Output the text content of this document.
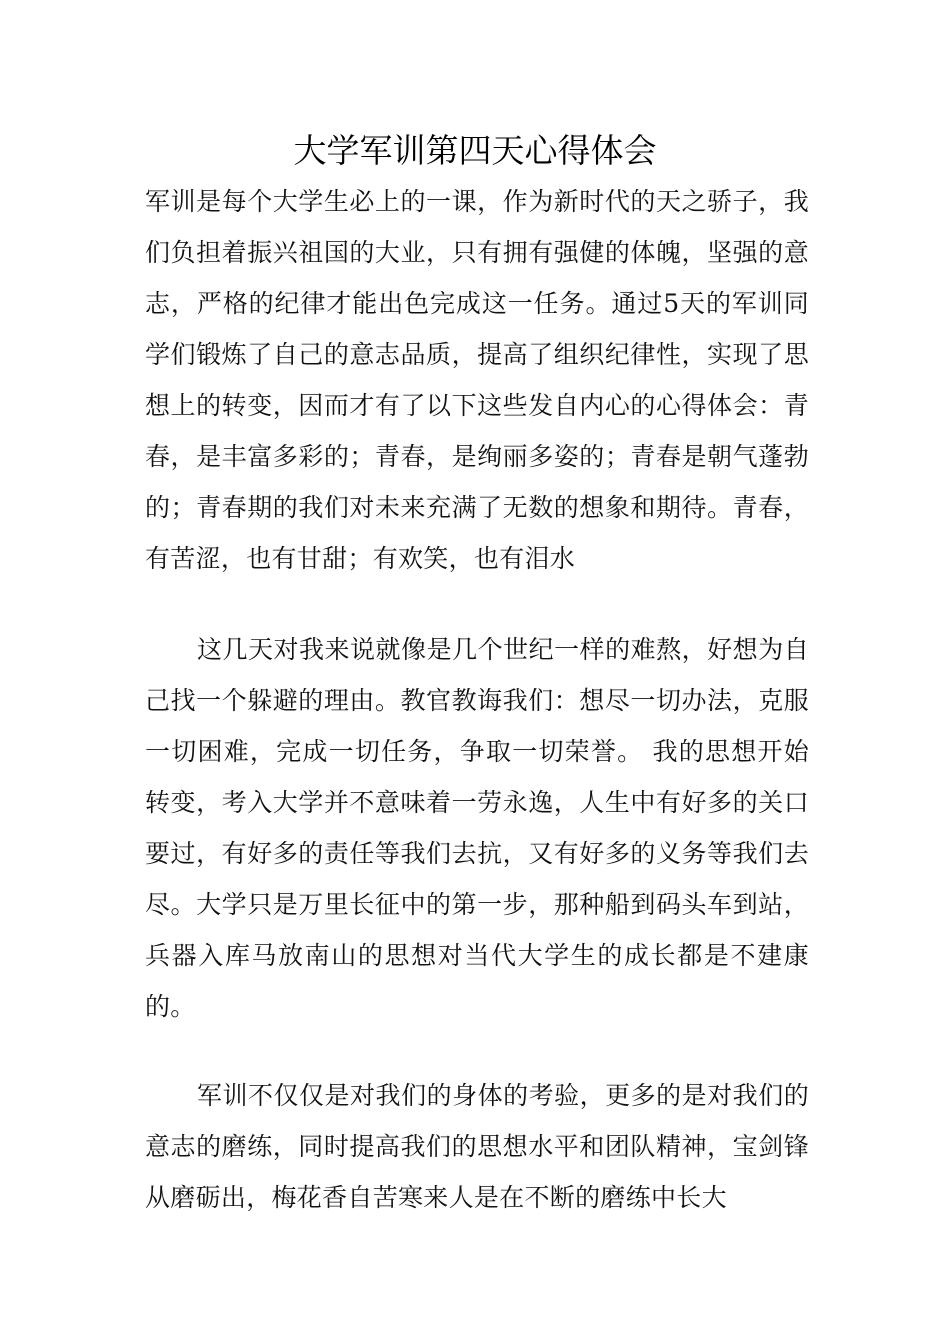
大学军训第四天心得体会

军训是每个大学生必上的一课，作为新时代的天之骄子，我们负担着振兴祖国的大业，只有拥有强健的体魄，坚强的意志，严格的纪律才能出色完成这一任务。通过5天的军训同学们锻炼了自己的意志品质，提高了组织纪律性，实现了思想上的转变，因而才有了以下这些发自内心的心得体会：青春，是丰富多彩的；青春，是绚丽多姿的；青春是朝气蓬勃的；青春期的我们对未来充满了无数的想象和期待。青春，有苦涩，也有甘甜；有欢笑，也有泪水

这几天对我来说就像是几个世纪一样的难熬，好想为自己找一个躲避的理由。教官教诲我们：想尽一切办法，克服一切困难，完成一切任务，争取一切荣誉。 我的思想开始转变，考入大学并不意味着一劳永逸，人生中有好多的关口要过，有好多的责任等我们去抗，又有好多的义务等我们去尽。大学只是万里长征中的第一步，那种船到码头车到站，兵器入库马放南山的思想对当代大学生的成长都是不建康的。

军训不仅仅是对我们的身体的考验，更多的是对我们的意志的磨练，同时提高我们的思想水平和团队精神，宝剑锋从磨砺出，梅花香自苦寒来人是在不断的磨练中长大
